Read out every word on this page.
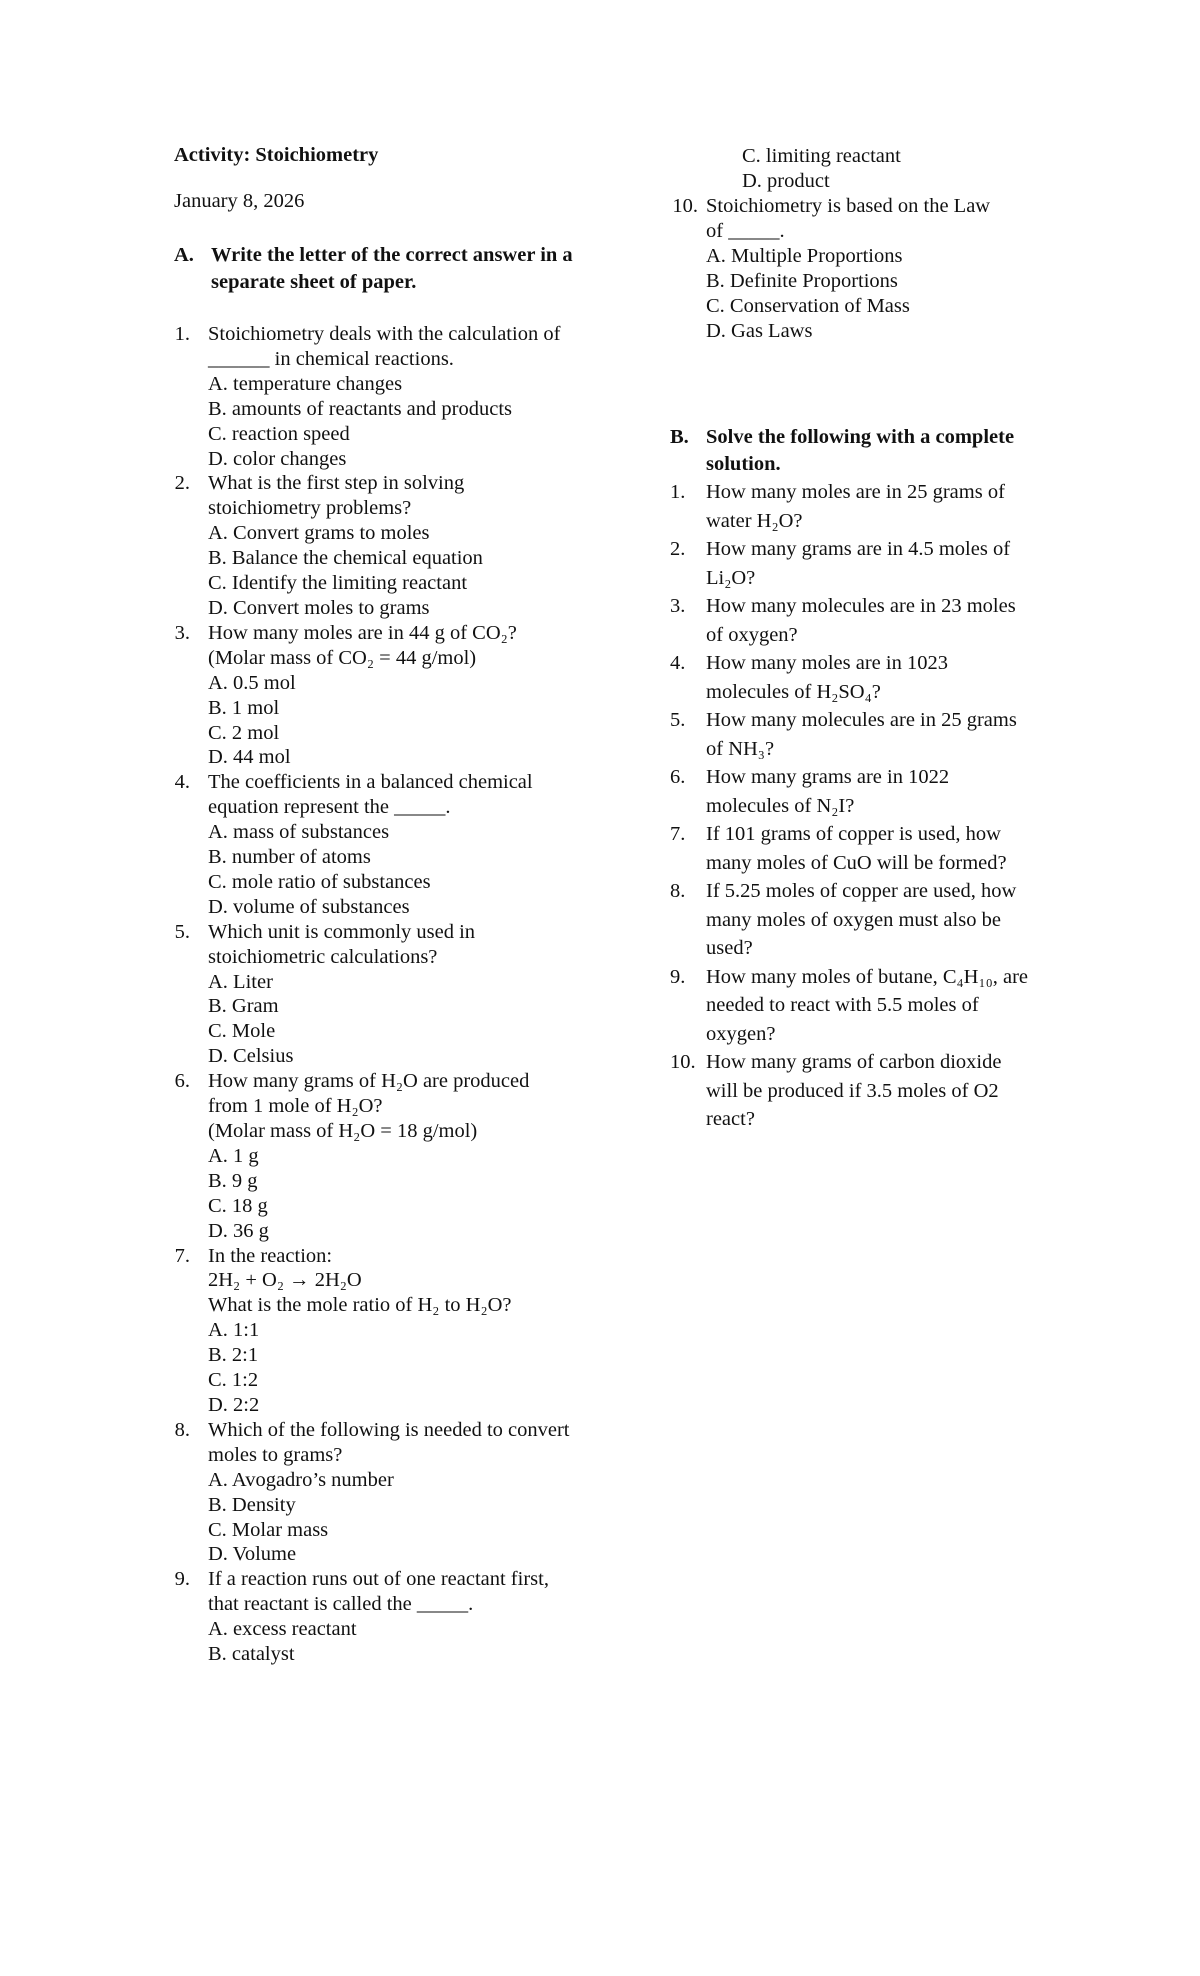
Activity: Stoichiometry
January 8, 2026
A. Write the letter of the correct answer in a separate sheet of paper.
1. Stoichiometry deals with the calculation of ______ in chemical reactions.
A. temperature changes
B. amounts of reactants and products
C. reaction speed
D. color changes
2. What is the first step in solving stoichiometry problems?
A. Convert grams to moles
B. Balance the chemical equation
C. Identify the limiting reactant
D. Convert moles to grams
3. How many moles are in 44 g of CO₂?
(Molar mass of CO₂ = 44 g/mol)
A. 0.5 mol
B. 1 mol
C. 2 mol
D. 44 mol
4. The coefficients in a balanced chemical equation represent the _____.
A. mass of substances
B. number of atoms
C. mole ratio of substances
D. volume of substances
5. Which unit is commonly used in stoichiometric calculations?
A. Liter
B. Gram
C. Mole
D. Celsius
6. How many grams of H₂O are produced from 1 mole of H₂O?
(Molar mass of H₂O = 18 g/mol)
A. 1 g
B. 9 g
C. 18 g
D. 36 g
7. In the reaction:
2H₂ + O₂ → 2H₂O
What is the mole ratio of H₂ to H₂O?
A. 1:1
B. 2:1
C. 1:2
D. 2:2
8. Which of the following is needed to convert moles to grams?
A. Avogadro’s number
B. Density
C. Molar mass
D. Volume
9. If a reaction runs out of one reactant first, that reactant is called the _____.
A. excess reactant
B. catalyst
C. limiting reactant
D. product
10. Stoichiometry is based on the Law of _____.
A. Multiple Proportions
B. Definite Proportions
C. Conservation of Mass
D. Gas Laws
B. Solve the following with a complete solution.
1. How many moles are in 25 grams of water H₂O?
2. How many grams are in 4.5 moles of Li₂O?
3. How many molecules are in 23 moles of oxygen?
4. How many moles are in 1023 molecules of H₂SO₄?
5. How many molecules are in 25 grams of NH₃?
6. How many grams are in 1022 molecules of N₂I?
7. If 101 grams of copper is used, how many moles of CuO will be formed?
8. If 5.25 moles of copper are used, how many moles of oxygen must also be used?
9. How many moles of butane, C₄H₁₀, are needed to react with 5.5 moles of oxygen?
10. How many grams of carbon dioxide will be produced if 3.5 moles of O2 react?
